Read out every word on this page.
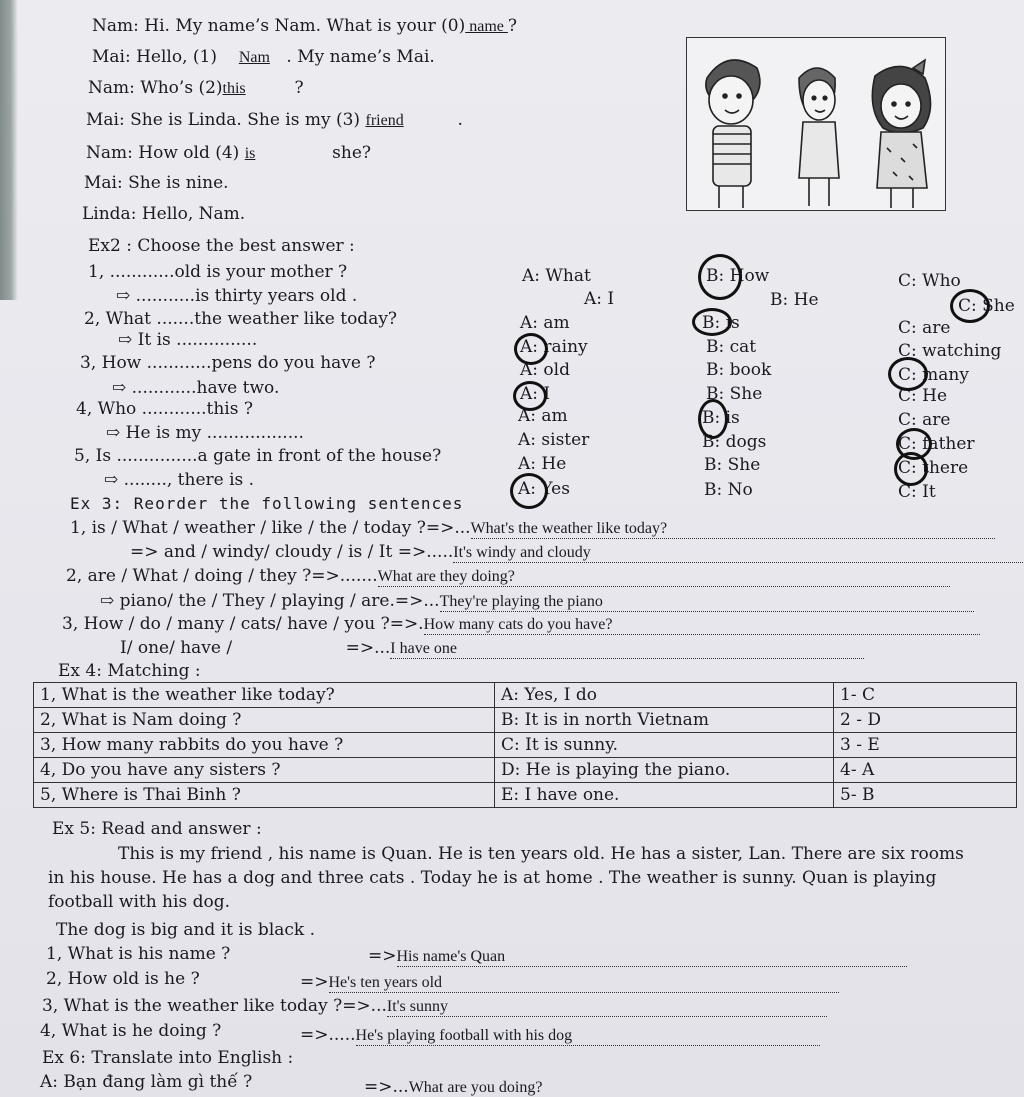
Nam: Hi. My name’s Nam. What is your (0) name ?
Mai: Hello, (1) Nam . My name’s Mai.
Nam: Who’s (2)this	?
Mai: She is Linda. She is my (3) friend	.
Nam: How old (4) is	she?
Mai: She is nine.
Linda: Hello, Nam.
Ex2 : Choose the best answer :
1, ............old is your mother ?	A: What	B: How	C: Who
⇨ ...........is thirty years old .	A: I	B: He	C: She
2, What .......the weather like today?	A: am	B: is	C: are
⇨ It is ...............	A: rainy	B: cat	C: watching
3, How ............pens do you have ?	A: old	B: book	C: many
⇨ ............have two.	A: I	B: She	C: He
4, Who ............this ?	A: am	B: is	C: are
⇨ He is my ..................	A: sister	B: dogs	C: father
5, Is ...............a gate in front of the house?	A: He	B: She	C: there
⇨ ........, there is .	A: Yes	B: No	C: It
Ex 3: Reorder the following sentences
1, is / What / weather / like / the / today ?=>...What's the weather like today?
=> and / windy/ cloudy / is / It =>.....It's windy and cloudy
2, are / What / doing / they ?=>.......What are they doing?
⇨ piano/ the / They / playing / are.=>...They're playing the piano
3, How / do / many / cats/ have / you ?=>.How many cats do you have?
I/ one/ have /                     =>...I have one
Ex 4: Matching :
1, What is the weather like today?	A: Yes, I do	1- C
2, What is Nam doing ?	B: It is in north Vietnam	2 - D
3, How many rabbits do you have ?	C: It is sunny.	3 - E
4, Do you have any sisters ?	D: He is playing the piano.	4- A
5, Where is Thai Binh ?	E: I have one.	5- B
Ex 5: Read and answer :
This is my friend , his name is Quan. He is ten years old. He has a sister, Lan. There are six rooms
in his house. He has a dog and three cats . Today he is at home . The weather is sunny. Quan is playing
football with his dog.
The dog is big and it is black .
1, What is his name ?	=>His name's Quan
2, How old is he ?	=>He's ten years old
3, What is the weather like today ?=>...It's sunny
4, What is he doing ?	=>.....He's playing football with his dog
Ex 6: Translate into English :
A: Bạn đang làm gì thế ?	=>...What are you doing?
